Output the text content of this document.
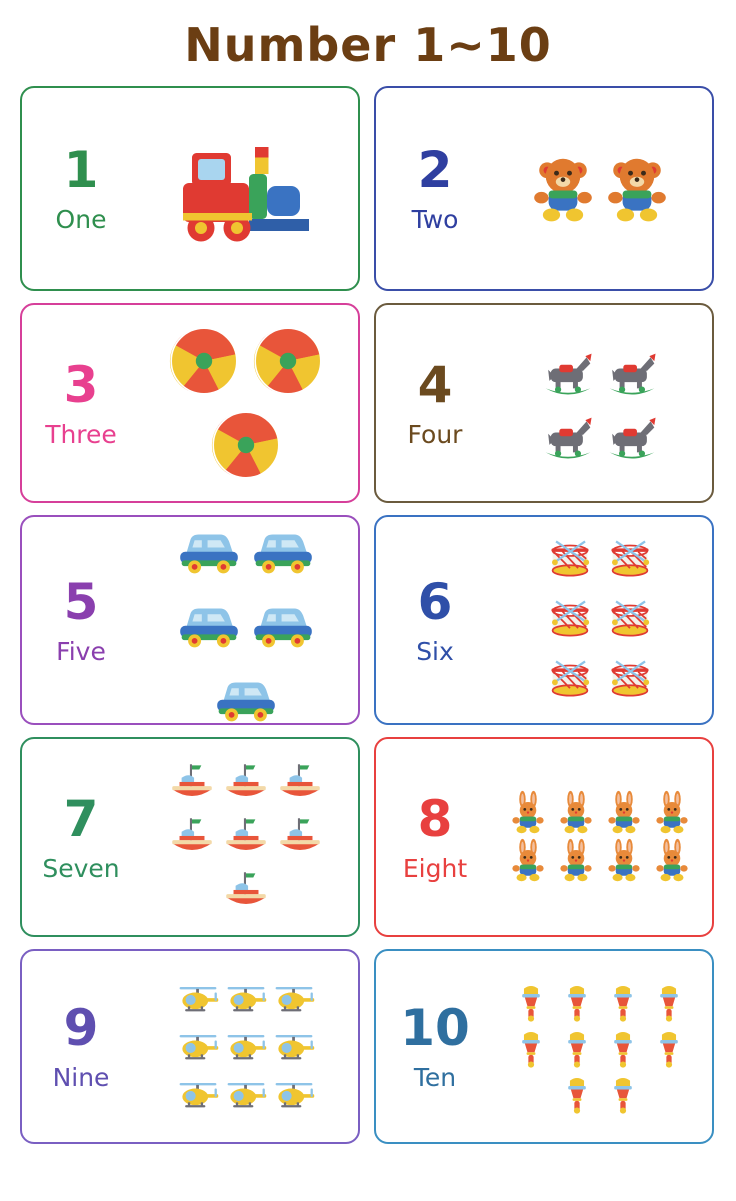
Number 1~10
1
One
2
Two
3
Three
4
Four
5
Five
6
Six
7
Seven
8
Eight
9
Nine
10
Ten
